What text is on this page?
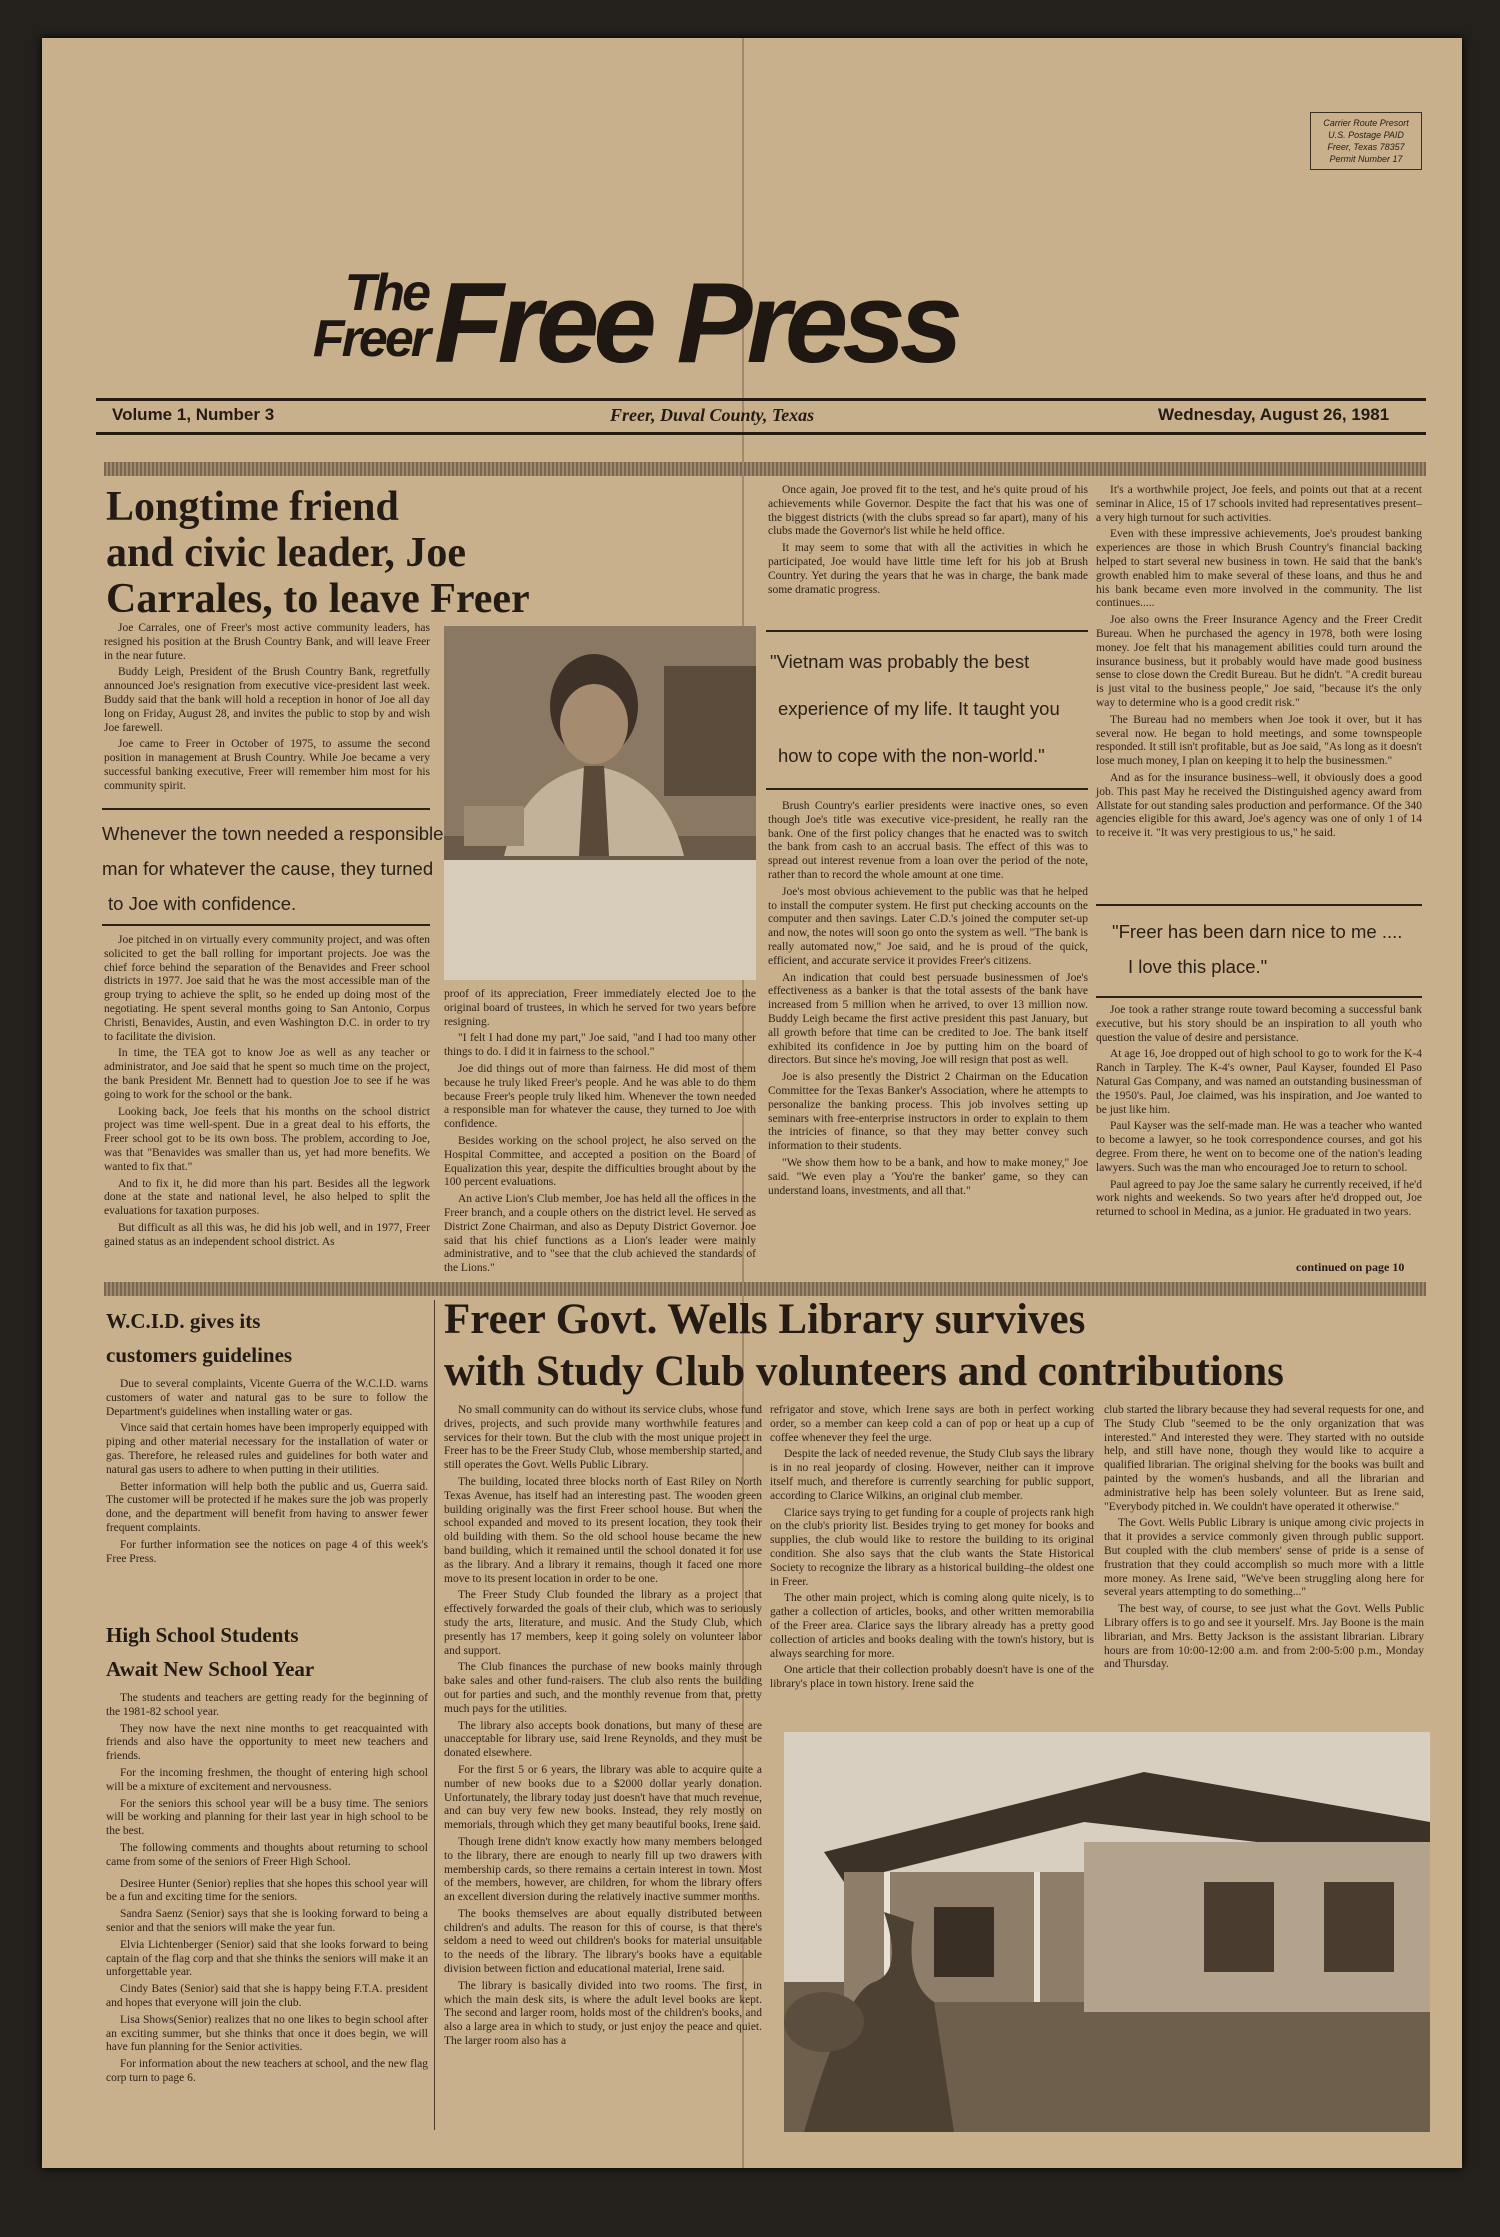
Carrier Route Presort
U.S. Postage PAID
Freer, Texas 78357
Permit Number 17
The
Freer Free Press
Volume 1, Number 3	Freer, Duval County, Texas	Wednesday, August 26, 1981
Longtime friend
and civic leader, Joe
Carrales, to leave Freer

Joe Carrales, one of Freer's most active community leaders, has resigned his position at the Brush Country Bank, and will leave Freer in the near future.

Buddy Leigh, President of the Brush Country Bank, regretfully announced Joe's resignation from executive vice-president last week. Buddy said that the bank will hold a reception in honor of Joe all day long on Friday, August 28, and invites the public to stop by and wish Joe farewell.

Joe came to Freer in October of 1975, to assume the second position in management at Brush Country. While Joe became a very successful banking executive, Freer will remember him most for his community spirit.

Whenever the town needed a responsible
man for whatever the cause, they turned
to Joe with confidence.

Joe pitched in on virtually every community project, and was often solicited to get the ball rolling for important projects. Joe was the chief force behind the separation of the Benavides and Freer school districts in 1977. Joe said that he was the most accessible man of the group trying to achieve the split, so he ended up doing most of the negotiating. He spent several months going to San Antonio, Corpus Christi, Benavides, Austin, and even Washington D.C. in order to try to facilitate the division.

In time, the TEA got to know Joe as well as any teacher or administrator, and Joe said that he spent so much time on the project, the bank President Mr. Bennett had to question Joe to see if he was going to work for the school or the bank.

Looking back, Joe feels that his months on the school district project was time well-spent. Due in a great deal to his efforts, the Freer school got to be its own boss. The problem, according to Joe, was that "Benavides was smaller than us, yet had more benefits. We wanted to fix that."

And to fix it, he did more than his part. Besides all the legwork done at the state and national level, he also helped to split the evaluations for taxation purposes.

But difficult as all this was, he did his job well, and in 1977, Freer gained status as an independent school district. As

proof of its appreciation, Freer immediately elected Joe to the original board of trustees, in which he served for two years before resigning.

"I felt I had done my part," Joe said, "and I had too many other things to do. I did it in fairness to the school."

Joe did things out of more than fairness. He did most of them because he truly liked Freer's people. And he was able to do them because Freer's people truly liked him. Whenever the town needed a responsible man for whatever the cause, they turned to Joe with confidence.

Besides working on the school project, he also served on the Hospital Committee, and accepted a position on the Board of Equalization this year, despite the difficulties brought about by the 100 percent evaluations.

An active Lion's Club member, Joe has held all the offices in the Freer branch, and a couple others on the district level. He served as District Zone Chairman, and also as Deputy District Governor. Joe said that his chief functions as a Lion's leader were mainly administrative, and to "see that the club achieved the standards of the Lions."

Once again, Joe proved fit to the test, and he's quite proud of his achievements while Governor. Despite the fact that his was one of the biggest districts (with the clubs spread so far apart), many of his clubs made the Governor's list while he held office.

It may seem to some that with all the activities in which he participated, Joe would have little time left for his job at Brush Country. Yet during the years that he was in charge, the bank made some dramatic progress.

"Vietnam was probably the best
experience of my life. It taught you
how to cope with the non-world."

Brush Country's earlier presidents were inactive ones, so even though Joe's title was executive vice-president, he really ran the bank. One of the first policy changes that he enacted was to switch the bank from cash to an accrual basis. The effect of this was to spread out interest revenue from a loan over the period of the note, rather than to record the whole amount at one time.

Joe's most obvious achievement to the public was that he helped to install the computer system. He first put checking accounts on the computer and then savings. Later C.D.'s joined the computer set-up and now, the notes will soon go onto the system as well. "The bank is really automated now," Joe said, and he is proud of the quick, efficient, and accurate service it provides Freer's citizens.

An indication that could best persuade businessmen of Joe's effectiveness as a banker is that the total assests of the bank have increased from 5 million when he arrived, to over 13 million now. Buddy Leigh became the first active president this past January, but all growth before that time can be credited to Joe. The bank itself exhibited its confidence in Joe by putting him on the board of directors. But since he's moving, Joe will resign that post as well.

Joe is also presently the District 2 Chairman on the Education Committee for the Texas Banker's Association, where he attempts to personalize the banking process. This job involves setting up seminars with free-enterprise instructors in order to explain to them the intricies of finance, so that they may better convey such information to their students.

"We show them how to be a bank, and how to make money," Joe said. "We even play a 'You're the banker' game, so they can understand loans, investments, and all that."

It's a worthwhile project, Joe feels, and points out that at a recent seminar in Alice, 15 of 17 schools invited had representatives present–a very high turnout for such activities.

Even with these impressive achievements, Joe's proudest banking experiences are those in which Brush Country's financial backing helped to start several new business in town. He said that the bank's growth enabled him to make several of these loans, and thus he and his bank became even more involved in the community. The list continues.....

Joe also owns the Freer Insurance Agency and the Freer Credit Bureau. When he purchased the agency in 1978, both were losing money. Joe felt that his management abilities could turn around the insurance business, but it probably would have made good business sense to close down the Credit Bureau. But he didn't. "A credit bureau is just vital to the business people," Joe said, "because it's the only way to determine who is a good credit risk."

The Bureau had no members when Joe took it over, but it has several now. He began to hold meetings, and some townspeople responded. It still isn't profitable, but as Joe said, "As long as it doesn't lose much money, I plan on keeping it to help the businessmen."

And as for the insurance business–well, it obviously does a good job. This past May he received the Distinguished agency award from Allstate for out standing sales production and performance. Of the 340 agencies eligible for this award, Joe's agency was one of only 1 of 14 to receive it. "It was very prestigious to us," he said.

"Freer has been darn nice to me ....
I love this place."

Joe took a rather strange route toward becoming a successful bank executive, but his story should be an inspiration to all youth who question the value of desire and persistance.

At age 16, Joe dropped out of high school to go to work for the K-4 Ranch in Tarpley. The K-4's owner, Paul Kayser, founded El Paso Natural Gas Company, and was named an outstanding businessman of the 1950's. Paul, Joe claimed, was his inspiration, and Joe wanted to be just like him.

Paul Kayser was the self-made man. He was a teacher who wanted to become a lawyer, so he took correspondence courses, and got his degree. From there, he went on to become one of the nation's leading lawyers. Such was the man who encouraged Joe to return to school.

Paul agreed to pay Joe the same salary he currently received, if he'd work nights and weekends. So two years after he'd dropped out, Joe returned to school in Medina, as a junior. He graduated in two years.

continued on page 10
W.C.I.D. gives its
customers guidelines

Due to several complaints, Vicente Guerra of the W.C.I.D. warns customers of water and natural gas to be sure to follow the Department's guidelines when installing water or gas.

Vince said that certain homes have been improperly equipped with piping and other material necessary for the installation of water or gas. Therefore, he released rules and guidelines for both water and natural gas users to adhere to when putting in their utilities.

Better information will help both the public and us, Guerra said. The customer will be protected if he makes sure the job was properly done, and the department will benefit from having to answer fewer frequent complaints.

For further information see the notices on page 4 of this week's Free Press.

High School Students
Await New School Year

The students and teachers are getting ready for the beginning of the 1981-82 school year.

They now have the next nine months to get reacquainted with friends and also have the opportunity to meet new teachers and friends.

For the incoming freshmen, the thought of entering high school will be a mixture of excitement and nervousness.

For the seniors this school year will be a busy time. The seniors will be working and planning for their last year in high school to be the best.

The following comments and thoughts about returning to school came from some of the seniors of Freer High School.

Desiree Hunter (Senior) replies that she hopes this school year will be a fun and exciting time for the seniors.

Sandra Saenz (Senior) says that she is looking forward to being a senior and that the seniors will make the year fun.

Elvia Lichtenberger (Senior) said that she looks forward to being captain of the flag corp and that she thinks the seniors will make it an unforgettable year.

Cindy Bates (Senior) said that she is happy being F.T.A. president and hopes that everyone will join the club.

Lisa Shows(Senior) realizes that no one likes to begin school after an exciting summer, but she thinks that once it does begin, we will have fun planning for the Senior activities.

For information about the new teachers at school, and the new flag corp turn to page 6.

Freer Govt. Wells Library survives
with Study Club volunteers and contributions

No small community can do without its service clubs, whose fund drives, projects, and such provide many worthwhile features and services for their town. But the club with the most unique project in Freer has to be the Freer Study Club, whose membership started, and still operates the Govt. Wells Public Library.

The building, located three blocks north of East Riley on North Texas Avenue, has itself had an interesting past. The wooden green building originally was the first Freer school house. But when the school expanded and moved to its present location, they took their old building with them. So the old school house became the new band building, which it remained until the school donated it for use as the library. And a library it remains, though it faced one more move to its present location in order to be one.

The Freer Study Club founded the library as a project that effectively forwarded the goals of their club, which was to seriously study the arts, literature, and music. And the Study Club, which presently has 17 members, keep it going solely on volunteer labor and support.

The Club finances the purchase of new books mainly through bake sales and other fund-raisers. The club also rents the building out for parties and such, and the monthly revenue from that, pretty much pays for the utilities.

The library also accepts book donations, but many of these are unacceptable for library use, said Irene Reynolds, and they must be donated elsewhere.

For the first 5 or 6 years, the library was able to acquire quite a number of new books due to a $2000 dollar yearly donation. Unfortunately, the library today just doesn't have that much revenue, and can buy very few new books. Instead, they rely mostly on memorials, through which they get many beautiful books, Irene said.

Though Irene didn't know exactly how many members belonged to the library, there are enough to nearly fill up two drawers with membership cards, so there remains a certain interest in town. Most of the members, however, are children, for whom the library offers an excellent diversion during the relatively inactive summer months.

The books themselves are about equally distributed between children's and adults. The reason for this of course, is that there's seldom a need to weed out children's books for material unsuitable to the needs of the library. The library's books have a equitable division between fiction and educational material, Irene said.

The library is basically divided into two rooms. The first, in which the main desk sits, is where the adult level books are kept. The second and larger room, holds most of the children's books, and also a large area in which to study, or just enjoy the peace and quiet. The larger room also has a

refrigator and stove, which Irene says are both in perfect working order, so a member can keep cold a can of pop or heat up a cup of coffee whenever they feel the urge.

Despite the lack of needed revenue, the Study Club says the library is in no real jeopardy of closing. However, neither can it improve itself much, and therefore is currently searching for public support, according to Clarice Wilkins, an original club member.

Clarice says trying to get funding for a couple of projects rank high on the club's priority list. Besides trying to get money for books and supplies, the club would like to restore the building to its original condition. She also says that the club wants the State Historical Society to recognize the library as a historical building–the oldest one in Freer.

The other main project, which is coming along quite nicely, is to gather a collection of articles, books, and other written memorabilia of the Freer area. Clarice says the library already has a pretty good collection of articles and books dealing with the town's history, but is always searching for more.

One article that their collection probably doesn't have is one of the library's place in town history. Irene said the

club started the library because they had several requests for one, and The Study Club "seemed to be the only organization that was interested." And interested they were. They started with no outside help, and still have none, though they would like to acquire a qualified librarian. The original shelving for the books was built and painted by the women's husbands, and all the librarian and administrative help has been solely volunteer. But as Irene said, "Everybody pitched in. We couldn't have operated it otherwise."

The Govt. Wells Public Library is unique among civic projects in that it provides a service commonly given through public support. But coupled with the club members' sense of pride is a sense of frustration that they could accomplish so much more with a little more money. As Irene said, "We've been struggling along here for several years attempting to do something..."

The best way, of course, to see just what the Govt. Wells Public Library offers is to go and see it yourself. Mrs. Jay Boone is the main librarian, and Mrs. Betty Jackson is the assistant librarian. Library hours are from 10:00-12:00 a.m. and from 2:00-5:00 p.m., Monday and Thursday.
